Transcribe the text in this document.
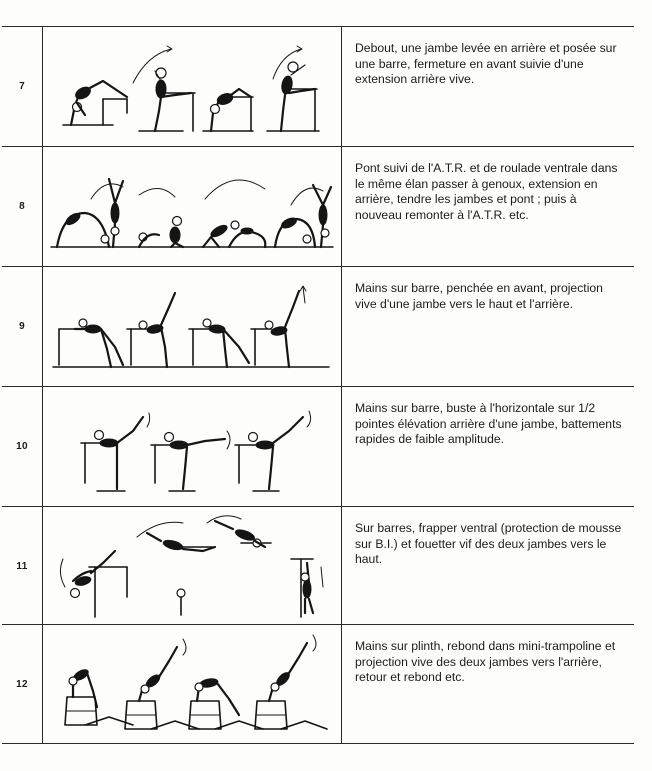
7
Debout, une jambe levée en arrière et posée sur une barre, fermeture en avant suivie d'une extension arrière vive.
8
Pont suivi de l'A.T.R. et de roulade ventrale dans le même élan passer à genoux, extension en arrière, tendre les jambes et pont ; puis à nouveau remonter à l'A.T.R. etc.
9
Mains sur barre, penchée en avant, projection vive d'une jambe vers le haut et l'arrière.
10
Mains sur barre, buste à l'horizontale sur 1/2 pointes élévation arrière d'une jambe, battements rapides de faible amplitude.
11
Sur barres, frapper ventral (protection de mousse sur B.I.) et fouetter vif des deux jambes vers le haut.
12
Mains sur plinth, rebond dans mini-trampoline et projection vive des deux jambes vers l'arrière, retour et rebond etc.
